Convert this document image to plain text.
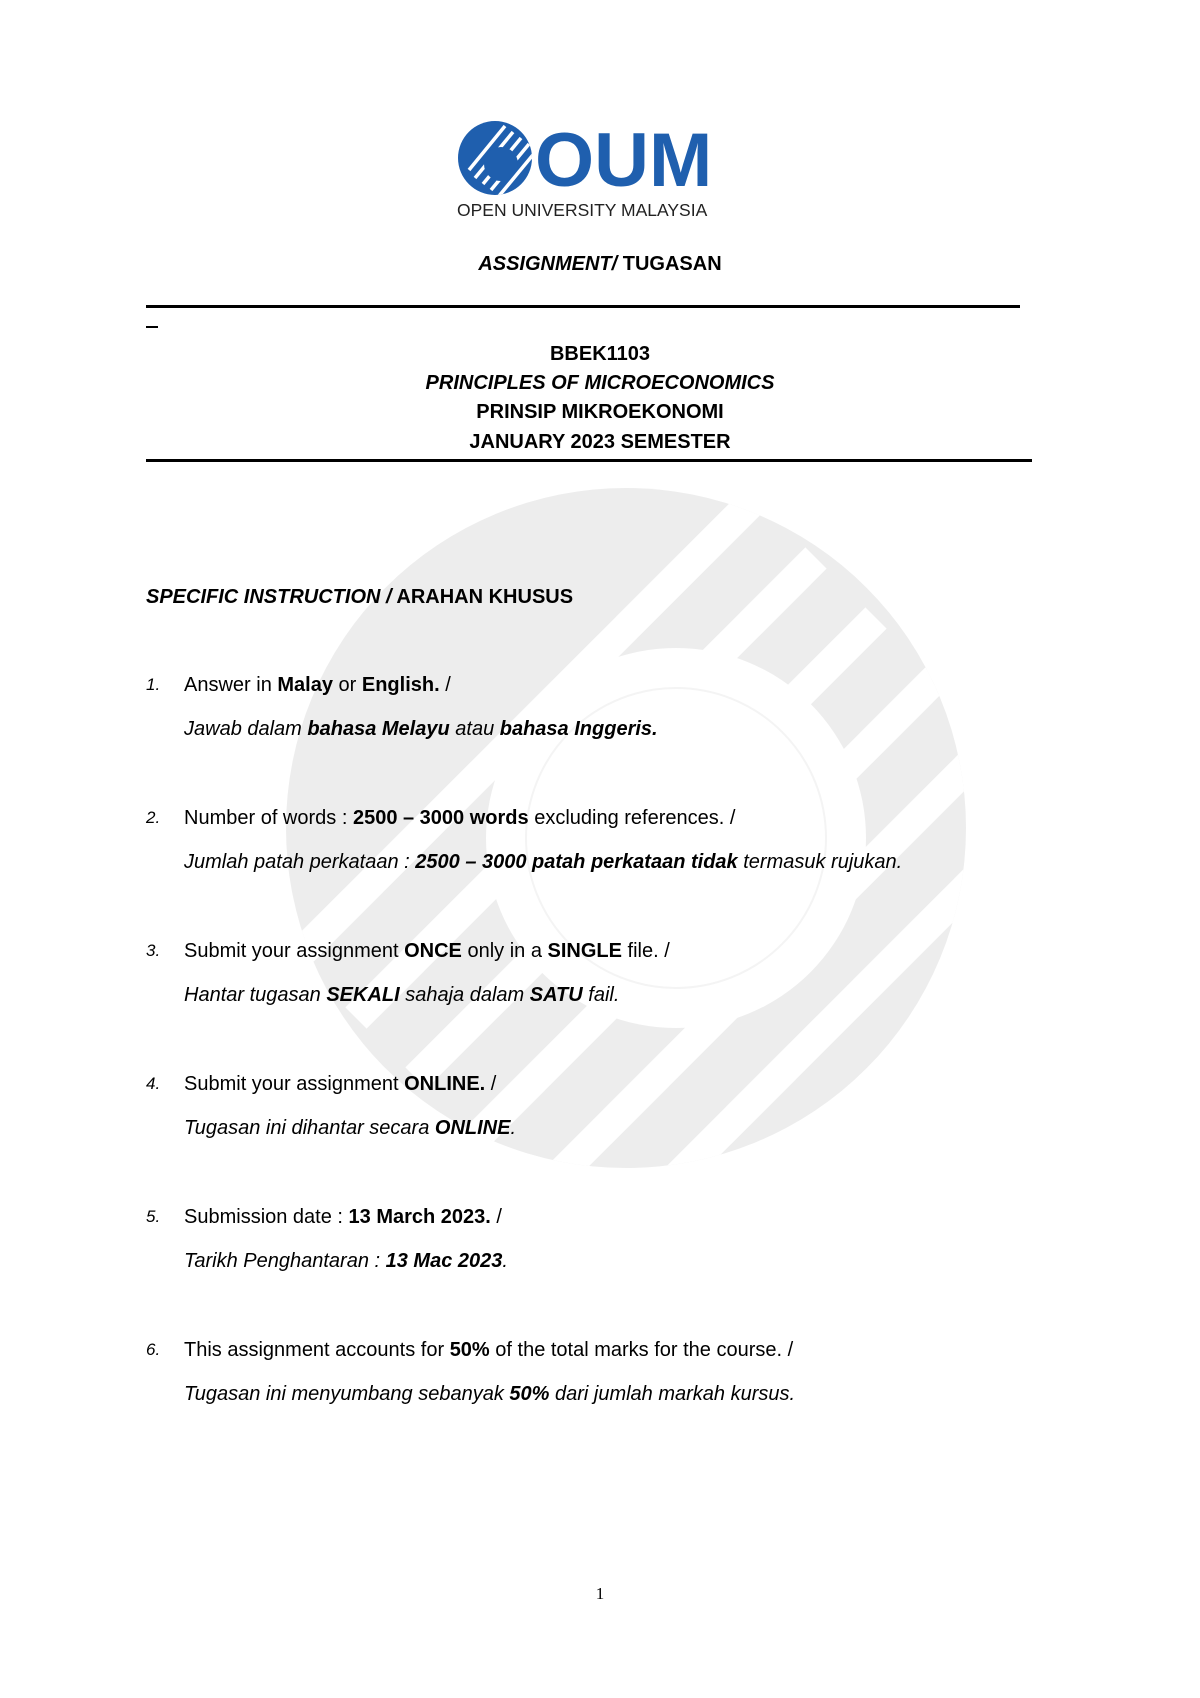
OUM
OPEN UNIVERSITY MALAYSIA
ASSIGNMENT/ TUGASAN
BBEK1103
PRINCIPLES OF MICROECONOMICS
PRINSIP MIKROEKONOMI
JANUARY 2023 SEMESTER
SPECIFIC INSTRUCTION / ARAHAN KHUSUS
1. Answer in Malay or English. /
Jawab dalam bahasa Melayu atau bahasa Inggeris.
2. Number of words : 2500 – 3000 words excluding references. /
Jumlah patah perkataan : 2500 – 3000 patah perkataan tidak termasuk rujukan.
3. Submit your assignment ONCE only in a SINGLE file. /
Hantar tugasan SEKALI sahaja dalam SATU fail.
4. Submit your assignment ONLINE. /
Tugasan ini dihantar secara ONLINE.
5. Submission date : 13 March 2023. /
Tarikh Penghantaran : 13 Mac 2023.
6. This assignment accounts for 50% of the total marks for the course. /
Tugasan ini menyumbang sebanyak 50% dari jumlah markah kursus.
1
